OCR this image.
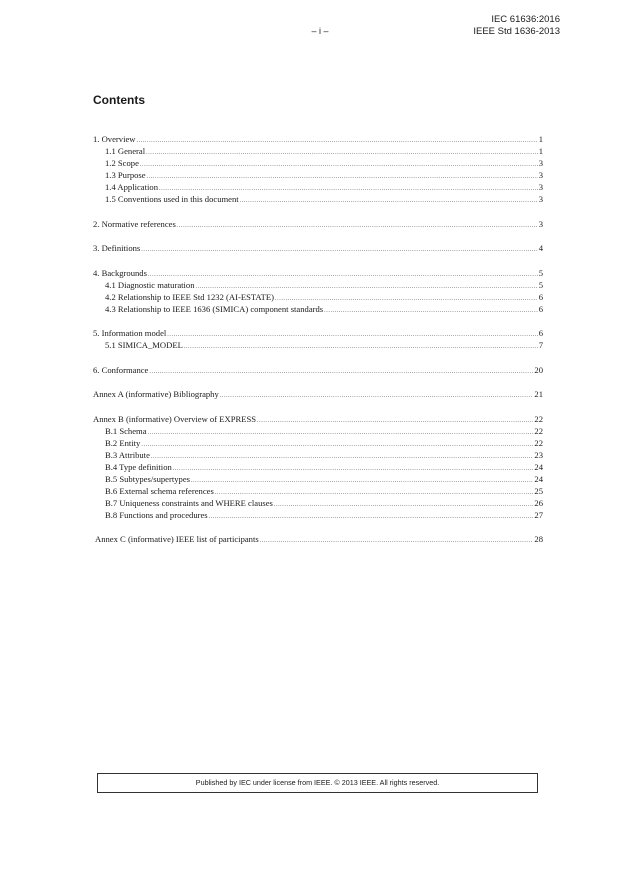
– i –
IEC 61636:2016
IEEE Std 1636-2013
Contents
1. Overview .....	1
1.1 General .....	1
1.2 Scope .....	3
1.3 Purpose .....	3
1.4 Application .....	3
1.5 Conventions used in this document .....	3
2. Normative references .....	3
3. Definitions .....	4
4. Backgrounds .....	5
4.1 Diagnostic maturation .....	5
4.2 Relationship to IEEE Std 1232 (AI-ESTATE) .....	6
4.3 Relationship to IEEE 1636 (SIMICA) component standards .....	6
5. Information model .....	6
5.1 SIMICA_MODEL .....	7
6. Conformance .....	20
Annex A (informative) Bibliography .....	21
Annex B (informative) Overview of EXPRESS .....	22
B.1 Schema .....	22
B.2 Entity .....	22
B.3 Attribute .....	23
B.4 Type definition .....	24
B.5 Subtypes/supertypes .....	24
B.6 External schema references .....	25
B.7 Uniqueness constraints and WHERE clauses .....	26
B.8 Functions and procedures .....	27
Annex C (informative) IEEE list of participants .....	28
Published by IEC under license from IEEE. © 2013 IEEE. All rights reserved.
